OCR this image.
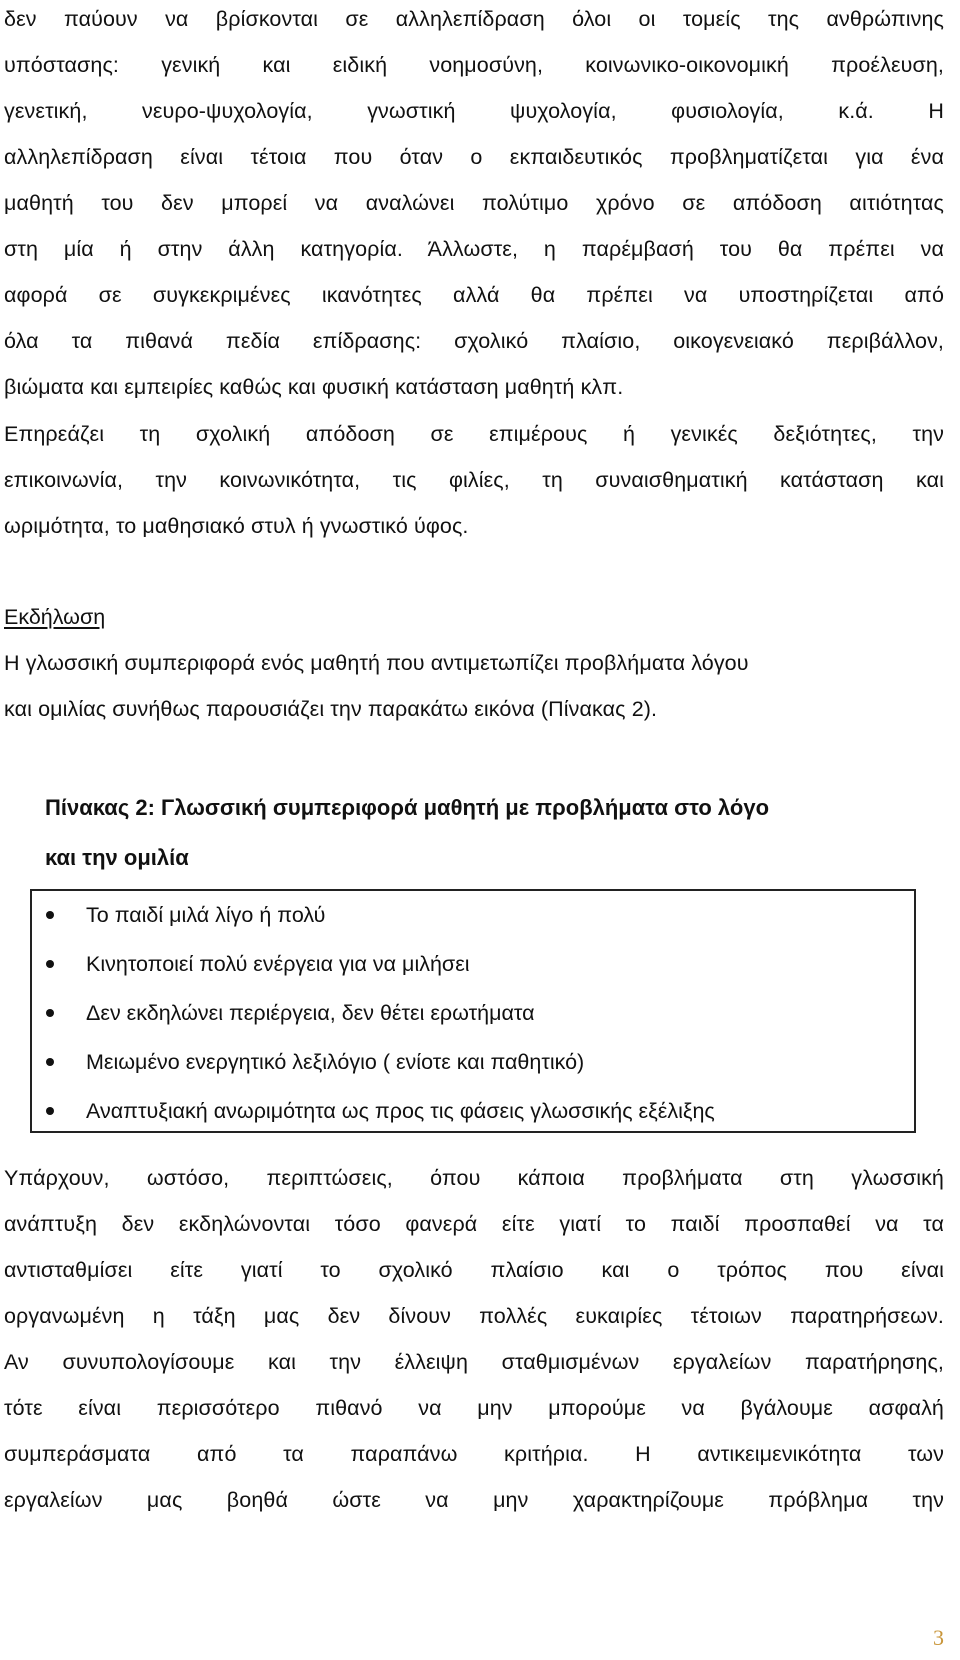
δεν παύουν να βρίσκονται σε αλληλεπίδραση όλοι οι τομείς της ανθρώπινης
υπόστασης: γενική και ειδική νοημοσύνη, κοινωνικο-οικονομική προέλευση,
γενετική, νευρο-ψυχολογία, γνωστική ψυχολογία, φυσιολογία, κ.ά. Η
αλληλεπίδραση είναι τέτοια που όταν ο εκπαιδευτικός προβληματίζεται για ένα
μαθητή του δεν μπορεί να αναλώνει πολύτιμο χρόνο σε απόδοση αιτιότητας
στη μία ή στην άλλη κατηγορία. Άλλωστε, η παρέμβασή του θα πρέπει να
αφορά σε συγκεκριμένες ικανότητες αλλά θα πρέπει να υποστηρίζεται από
όλα τα πιθανά πεδία επίδρασης: σχολικό πλαίσιο, οικογενειακό περιβάλλον,
βιώματα και εμπειρίες καθώς και φυσική κατάσταση μαθητή κλπ.
Επηρεάζει τη σχολική απόδοση σε επιμέρους ή γενικές δεξιότητες, την
επικοινωνία, την κοινωνικότητα, τις φιλίες, τη συναισθηματική κατάσταση και
ωριμότητα, το μαθησιακό στυλ ή γνωστικό ύφος.
Εκδήλωση
Η γλωσσική συμπεριφορά ενός μαθητή που αντιμετωπίζει προβλήματα λόγου
και ομιλίας συνήθως παρουσιάζει την παρακάτω εικόνα (Πίνακας 2).
Πίνακας 2: Γλωσσική συμπεριφορά μαθητή με προβλήματα στο λόγο
και την ομιλία
Το παιδί μιλά λίγο ή πολύ
Κινητοποιεί πολύ ενέργεια για να μιλήσει
Δεν εκδηλώνει περιέργεια, δεν θέτει ερωτήματα
Μειωμένο ενεργητικό λεξιλόγιο ( ενίοτε και παθητικό)
Αναπτυξιακή ανωριμότητα ως προς τις φάσεις γλωσσικής εξέλιξης
Υπάρχουν, ωστόσο, περιπτώσεις, όπου κάποια προβλήματα στη γλωσσική
ανάπτυξη δεν εκδηλώνονται τόσο φανερά είτε γιατί το παιδί προσπαθεί να τα
αντισταθμίσει είτε γιατί το σχολικό πλαίσιο και ο τρόπος που είναι
οργανωμένη η τάξη μας δεν δίνουν πολλές ευκαιρίες τέτοιων παρατηρήσεων.
Αν συνυπολογίσουμε και την έλλειψη σταθμισμένων εργαλείων παρατήρησης,
τότε είναι περισσότερο πιθανό να μην μπορούμε να βγάλουμε ασφαλή
συμπεράσματα από τα παραπάνω κριτήρια. Η αντικειμενικότητα των
εργαλείων μας βοηθά ώστε να μην χαρακτηρίζουμε πρόβλημα την
3
